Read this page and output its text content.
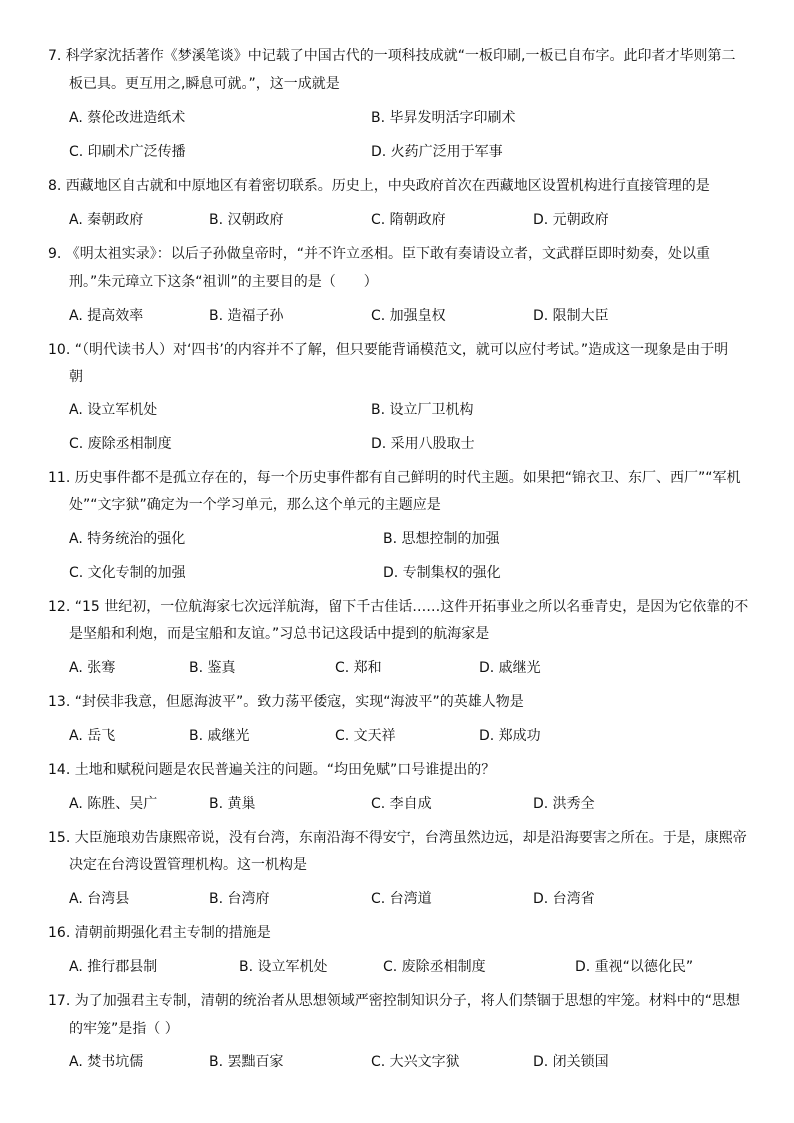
7. 科学家沈括著作《梦溪笔谈》中记载了中国古代的一项科技成就“一板印刷,一板已自布字。此印者才毕则第二
板已具。更互用之,瞬息可就。”，这一成就是
A. 蔡伦改进造纸术	B. 毕昇发明活字印刷术
C. 印刷术广泛传播	D. 火药广泛用于军事
8. 西藏地区自古就和中原地区有着密切联系。历史上，中央政府首次在西藏地区设置机构进行直接管理的是
A. 秦朝政府	B. 汉朝政府	C. 隋朝政府	D. 元朝政府
9. 《明太祖实录》：以后子孙做皇帝时，“并不许立丞相。臣下敢有奏请设立者，文武群臣即时劾奏，处以重
刑。”朱元璋立下这条“祖训”的主要目的是（　　）
A. 提高效率	B. 造福子孙	C. 加强皇权	D. 限制大臣
10. “（明代读书人）对‘四书’的内容并不了解，但只要能背诵模范文，就可以应付考试。”造成这一现象是由于明
朝
A. 设立军机处	B. 设立厂卫机构
C. 废除丞相制度	D. 采用八股取士
11. 历史事件都不是孤立存在的，每一个历史事件都有自己鲜明的时代主题。如果把“锦衣卫、东厂、西厂”“军机
处”“文字狱”确定为一个学习单元，那么这个单元的主题应是
A. 特务统治的强化	B. 思想控制的加强
C. 文化专制的加强	D. 专制集权的强化
12. “15 世纪初，一位航海家七次远洋航海，留下千古佳话……这件开拓事业之所以名垂青史，是因为它依靠的不
是坚船和利炮，而是宝船和友谊。”习总书记这段话中提到的航海家是
A. 张骞	B. 鉴真	C. 郑和	D. 戚继光
13. “封侯非我意，但愿海波平”。致力荡平倭寇，实现“海波平”的英雄人物是
A. 岳飞	B. 戚继光	C. 文天祥	D. 郑成功
14. 土地和赋税问题是农民普遍关注的问题。“均田免赋”口号谁提出的？
A. 陈胜、吴广	B. 黄巢	C. 李自成	D. 洪秀全
15. 大臣施琅劝告康熙帝说，没有台湾，东南沿海不得安宁，台湾虽然边远，却是沿海要害之所在。于是，康熙帝
决定在台湾设置管理机构。这一机构是
A. 台湾县	B. 台湾府	C. 台湾道	D. 台湾省
16. 清朝前期强化君主专制的措施是
A. 推行郡县制	B. 设立军机处	C. 废除丞相制度	D. 重视“以德化民”
17. 为了加强君主专制，清朝的统治者从思想领域严密控制知识分子，将人们禁锢于思想的牢笼。材料中的“思想
的牢笼”是指（ ）
A. 焚书坑儒	B. 罢黜百家	C. 大兴文字狱	D. 闭关锁国
